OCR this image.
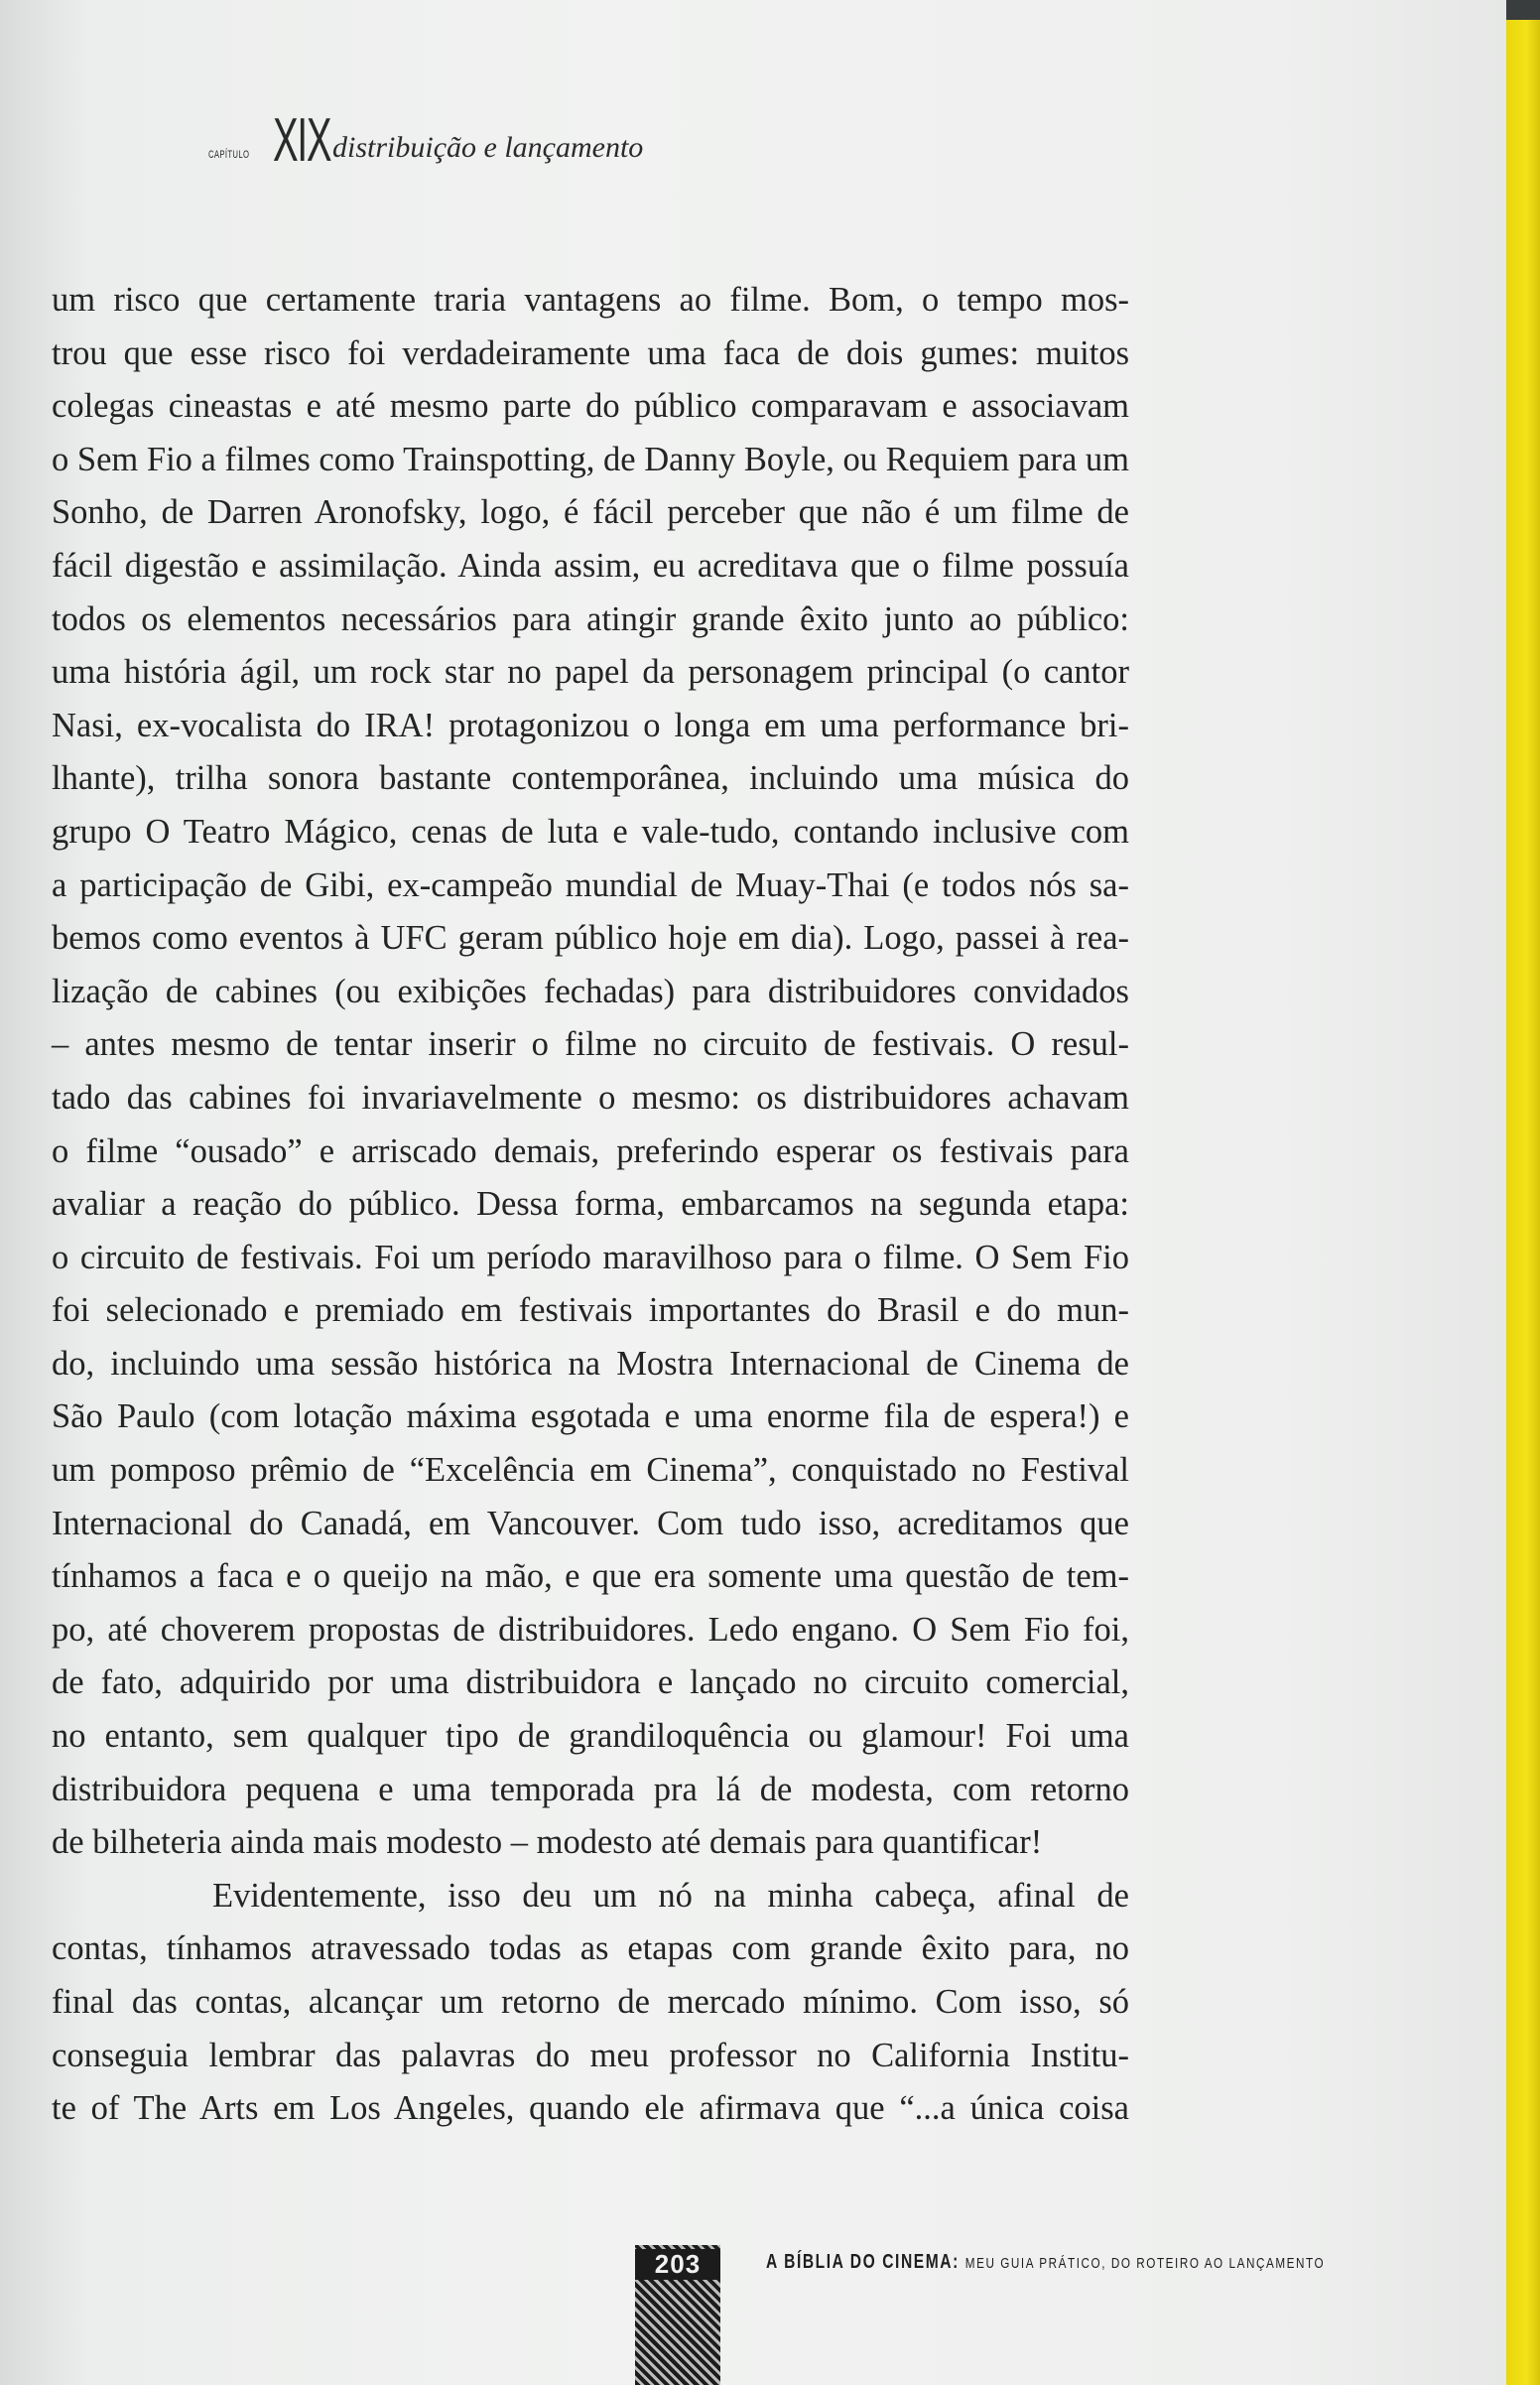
CAPÍTULO XIX distribuição e lançamento
um risco que certamente traria vantagens ao filme. Bom, o tempo mos-
trou que esse risco foi verdadeiramente uma faca de dois gumes: muitos
colegas cineastas e até mesmo parte do público comparavam e associavam
o Sem Fio a filmes como Trainspotting, de Danny Boyle, ou Requiem para um
Sonho, de Darren Aronofsky, logo, é fácil perceber que não é um filme de
fácil digestão e assimilação. Ainda assim, eu acreditava que o filme possuía
todos os elementos necessários para atingir grande êxito junto ao público:
uma história ágil, um rock star no papel da personagem principal (o cantor
Nasi, ex-vocalista do IRA! protagonizou o longa em uma performance bri-
lhante), trilha sonora bastante contemporânea, incluindo uma música do
grupo O Teatro Mágico, cenas de luta e vale-tudo, contando inclusive com
a participação de Gibi, ex-campeão mundial de Muay-Thai (e todos nós sa-
bemos como eventos à UFC geram público hoje em dia). Logo, passei à rea-
lização de cabines (ou exibições fechadas) para distribuidores convidados
– antes mesmo de tentar inserir o filme no circuito de festivais. O resul-
tado das cabines foi invariavelmente o mesmo: os distribuidores achavam
o filme “ousado” e arriscado demais, preferindo esperar os festivais para
avaliar a reação do público. Dessa forma, embarcamos na segunda etapa:
o circuito de festivais. Foi um período maravilhoso para o filme. O Sem Fio
foi selecionado e premiado em festivais importantes do Brasil e do mun-
do, incluindo uma sessão histórica na Mostra Internacional de Cinema de
São Paulo (com lotação máxima esgotada e uma enorme fila de espera!) e
um pomposo prêmio de “Excelência em Cinema”, conquistado no Festival
Internacional do Canadá, em Vancouver. Com tudo isso, acreditamos que
tínhamos a faca e o queijo na mão, e que era somente uma questão de tem-
po, até choverem propostas de distribuidores. Ledo engano. O Sem Fio foi,
de fato, adquirido por uma distribuidora e lançado no circuito comercial,
no entanto, sem qualquer tipo de grandiloquência ou glamour! Foi uma
distribuidora pequena e uma temporada pra lá de modesta, com retorno
de bilheteria ainda mais modesto – modesto até demais para quantificar!
Evidentemente, isso deu um nó na minha cabeça, afinal de
contas, tínhamos atravessado todas as etapas com grande êxito para, no
final das contas, alcançar um retorno de mercado mínimo. Com isso, só
conseguia lembrar das palavras do meu professor no California Institu-
te of The Arts em Los Angeles, quando ele afirmava que “...a única coisa
203	A BÍBLIA DO CINEMA: MEU GUIA PRÁTICO, DO ROTEIRO AO LANÇAMENTO
